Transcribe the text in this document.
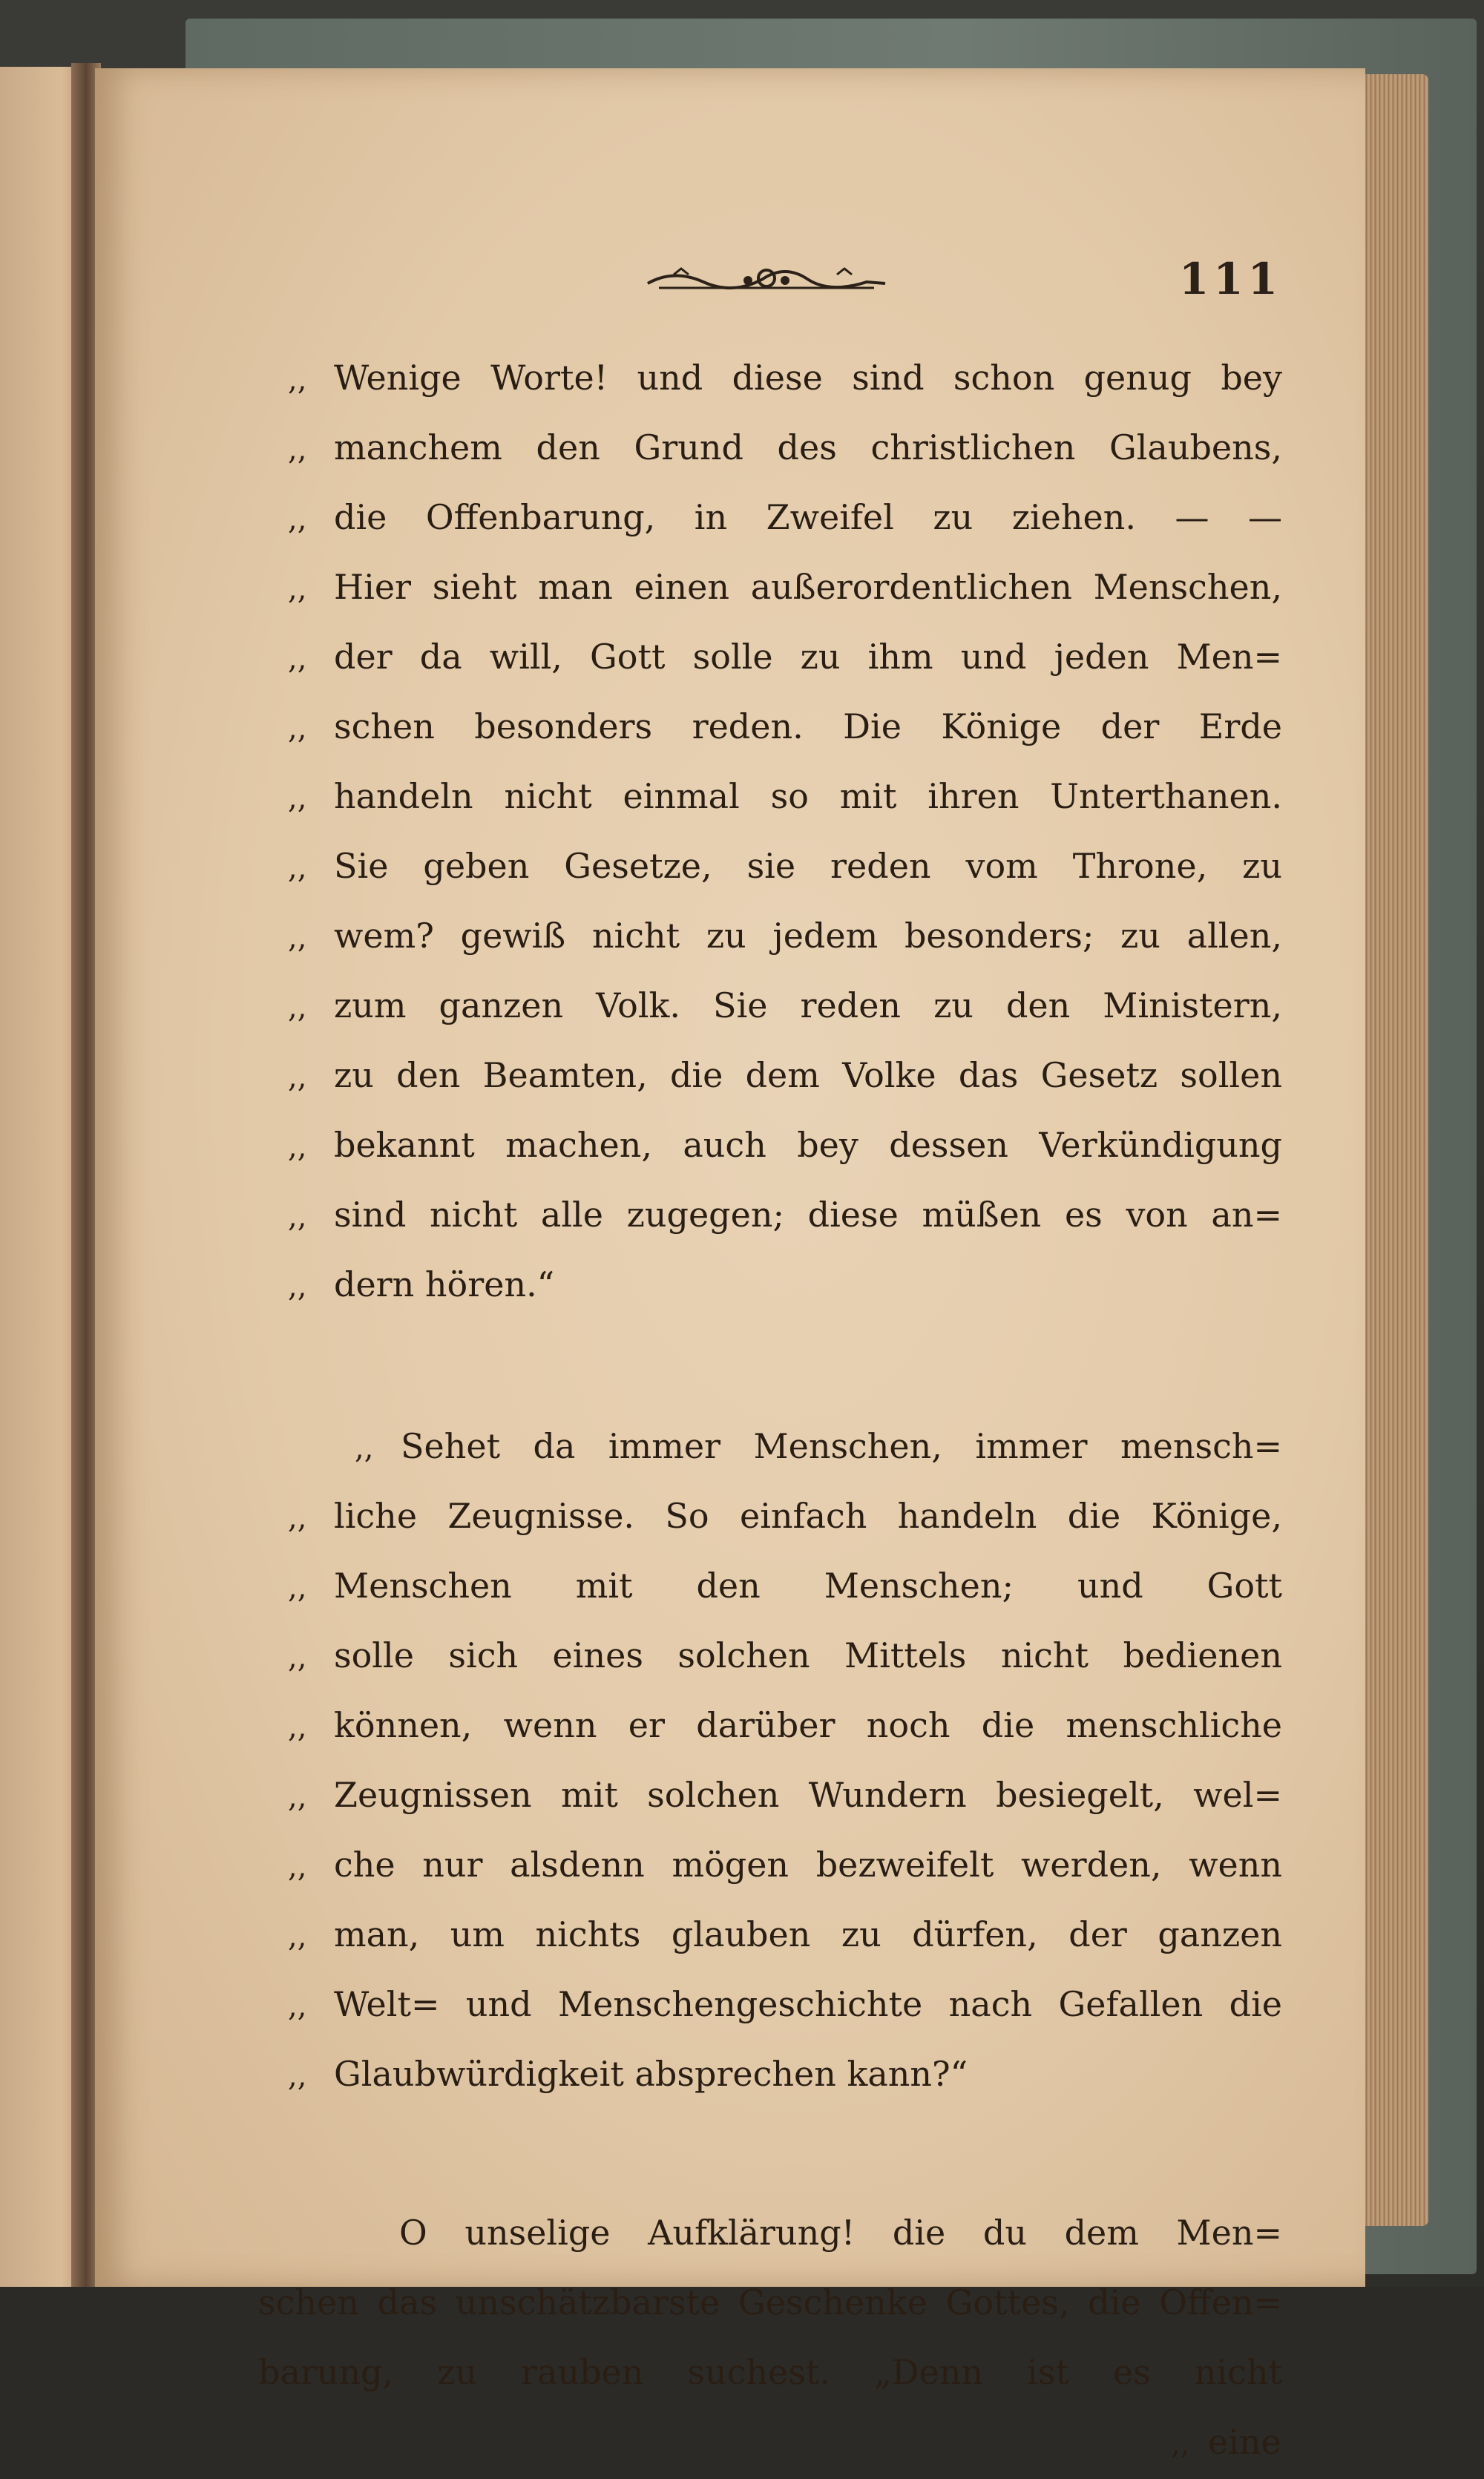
111
,, Wenige Worte! und diese sind schon genug bey
,, manchem den Grund des christlichen Glaubens,
,, die Offenbarung, in Zweifel zu ziehen. — —
,, Hier sieht man einen außerordentlichen Menschen,
,, der da will, Gott solle zu ihm und jeden Men=
,, schen besonders reden. Die Könige der Erde
,, handeln nicht einmal so mit ihren Unterthanen.
,, Sie geben Gesetze, sie reden vom Throne, zu
,, wem? gewiß nicht zu jedem besonders; zu allen,
,, zum ganzen Volk. Sie reden zu den Ministern,
,, zu den Beamten, die dem Volke das Gesetz sollen
,, bekannt machen, auch bey dessen Verkündigung
,, sind nicht alle zugegen; diese müßen es von an=
,, dern hören.“
,, Sehet da immer Menschen, immer mensch=
,, liche Zeugnisse. So einfach handeln die Könige,
,, Menschen mit den Menschen; und Gott
,, solle sich eines solchen Mittels nicht bedienen
,, können, wenn er darüber noch die menschliche
,, Zeugnissen mit solchen Wundern besiegelt, wel=
,, che nur alsdenn mögen bezweifelt werden, wenn
,, man, um nichts glauben zu dürfen, der ganzen
,, Welt= und Menschengeschichte nach Gefallen die
,, Glaubwürdigkeit absprechen kann?“
O unselige Aufklärung! die du dem Men=
schen das unschätzbarste Geschenke Gottes, die Offen=
barung, zu rauben suchest. „Denn ist es nicht
,, eine
